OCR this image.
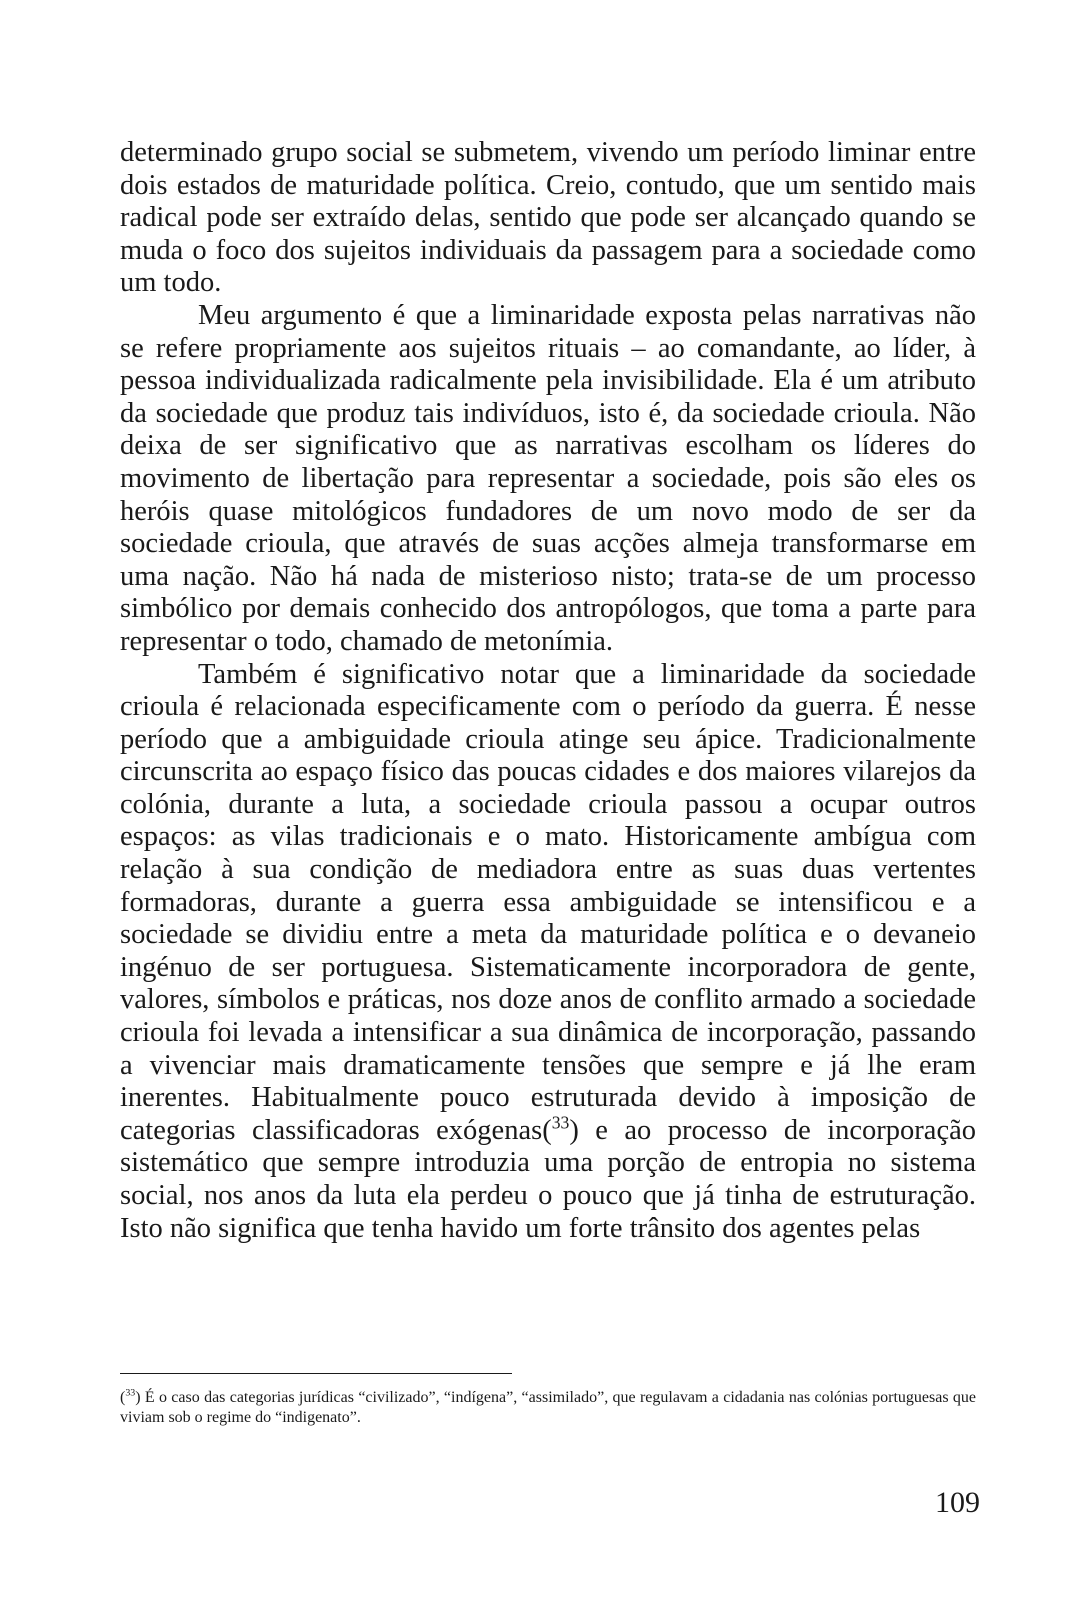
determinado grupo social se submetem, vivendo um período liminar entre dois estados de maturidade política. Creio, contudo, que um sentido mais radical pode ser extraído delas, sentido que pode ser alcançado quando se muda o foco dos sujeitos individuais da passagem para a sociedade como um todo.

Meu argumento é que a liminaridade exposta pelas narrativas não se refere propriamente aos sujeitos rituais – ao comandante, ao líder, à pessoa individualizada radicalmente pela invisibilidade. Ela é um atributo da sociedade que produz tais indivíduos, isto é, da sociedade crioula. Não deixa de ser significativo que as narrativas escolham os líderes do movimento de libertação para representar a sociedade, pois são eles os heróis quase mitológicos fundadores de um novo modo de ser da sociedade crioula, que através de suas acções almeja transformarse em uma nação. Não há nada de misterioso nisto; trata-se de um processo simbólico por demais conhecido dos antropólogos, que toma a parte para representar o todo, chamado de metonímia.

Também é significativo notar que a liminaridade da sociedade crioula é relacionada especificamente com o período da guerra. É nesse período que a ambiguidade crioula atinge seu ápice. Tradicionalmente circunscrita ao espaço físico das poucas cidades e dos maiores vilarejos da colónia, durante a luta, a sociedade crioula passou a ocupar outros espaços: as vilas tradicionais e o mato. Historicamente ambígua com relação à sua condição de mediadora entre as suas duas vertentes formadoras, durante a guerra essa ambiguidade se intensificou e a sociedade se dividiu entre a meta da maturidade política e o devaneio ingénuo de ser portuguesa. Sistematicamente incorporadora de gente, valores, símbolos e práticas, nos doze anos de conflito armado a sociedade crioula foi levada a intensificar a sua dinâmica de incorporação, passando a vivenciar mais dramaticamente tensões que sempre e já lhe eram inerentes. Habitualmente pouco estruturada devido à imposição de categorias classificadoras exógenas($^{33}$) e ao processo de incorporação sistemático que sempre introduzia uma porção de entropia no sistema social, nos anos da luta ela perdeu o pouco que já tinha de estruturação. Isto não significa que tenha havido um forte trânsito dos agentes pelas

($^{33}$) É o caso das categorias jurídicas “civilizado”, “indígena”, “assimilado”, que regulavam a cidadania nas colónias portuguesas que viviam sob o regime do “indigenato”.
109
